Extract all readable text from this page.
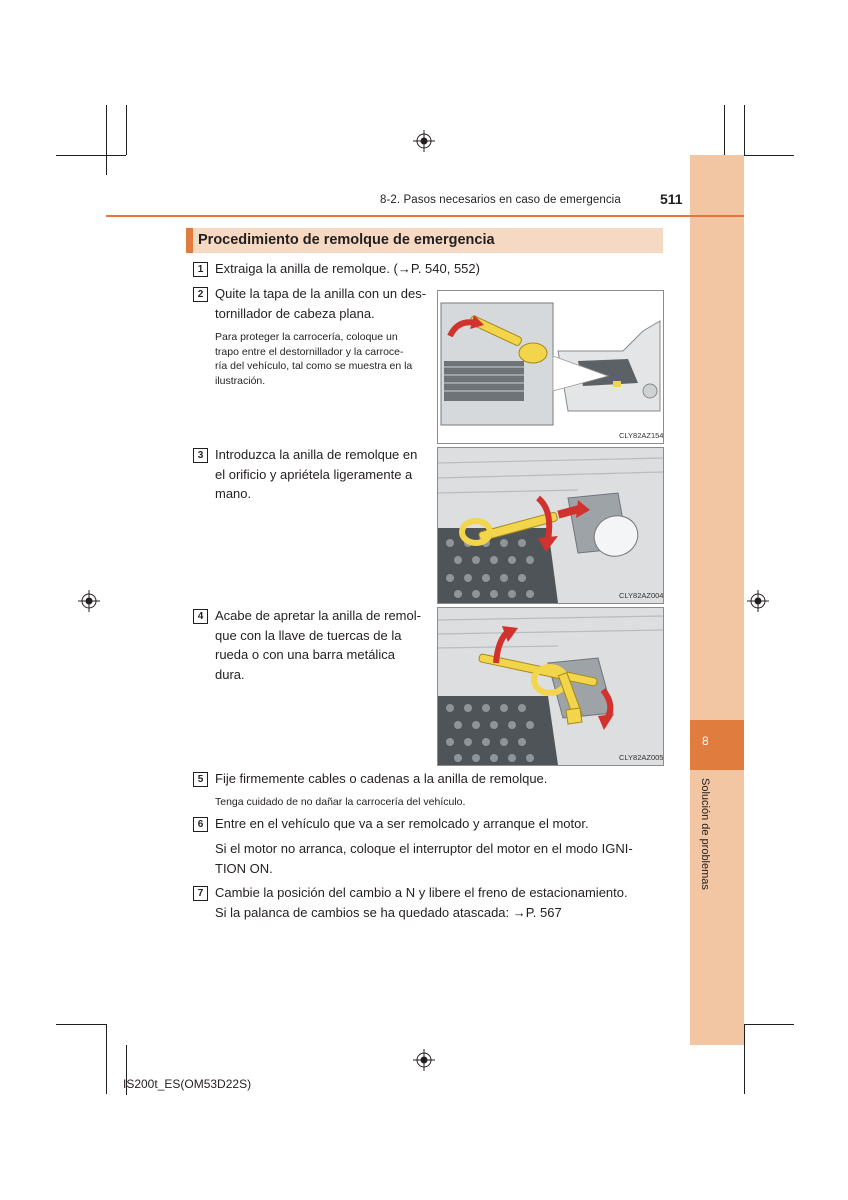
8
Solución de problemas
8-2. Pasos necesarios en caso de emergencia	511
Procedimiento de remolque de emergencia
1 Extraiga la anilla de remolque. (→P. 540, 552)
2 Quite la tapa de la anilla con un des-
tornillador de cabeza plana.
Para proteger la carrocería, coloque un
trapo entre el destornillador y la carroce-
ría del vehículo, tal como se muestra en la
ilustración.
CLY82AZ154
3 Introduzca la anilla de remolque en
el orificio y apriétela ligeramente a
mano.
CLY82AZ004
4 Acabe de apretar la anilla de remol-
que con la llave de tuercas de la
rueda o con una barra metálica
dura.
CLY82AZ005
5 Fije firmemente cables o cadenas a la anilla de remolque.
Tenga cuidado de no dañar la carrocería del vehículo.
6 Entre en el vehículo que va a ser remolcado y arranque el motor.
Si el motor no arranca, coloque el interruptor del motor en el modo IGNI-
TION ON.
7 Cambie la posición del cambio a N y libere el freno de estacionamiento.
Si la palanca de cambios se ha quedado atascada: →P. 567
IS200t_ES(OM53D22S)
